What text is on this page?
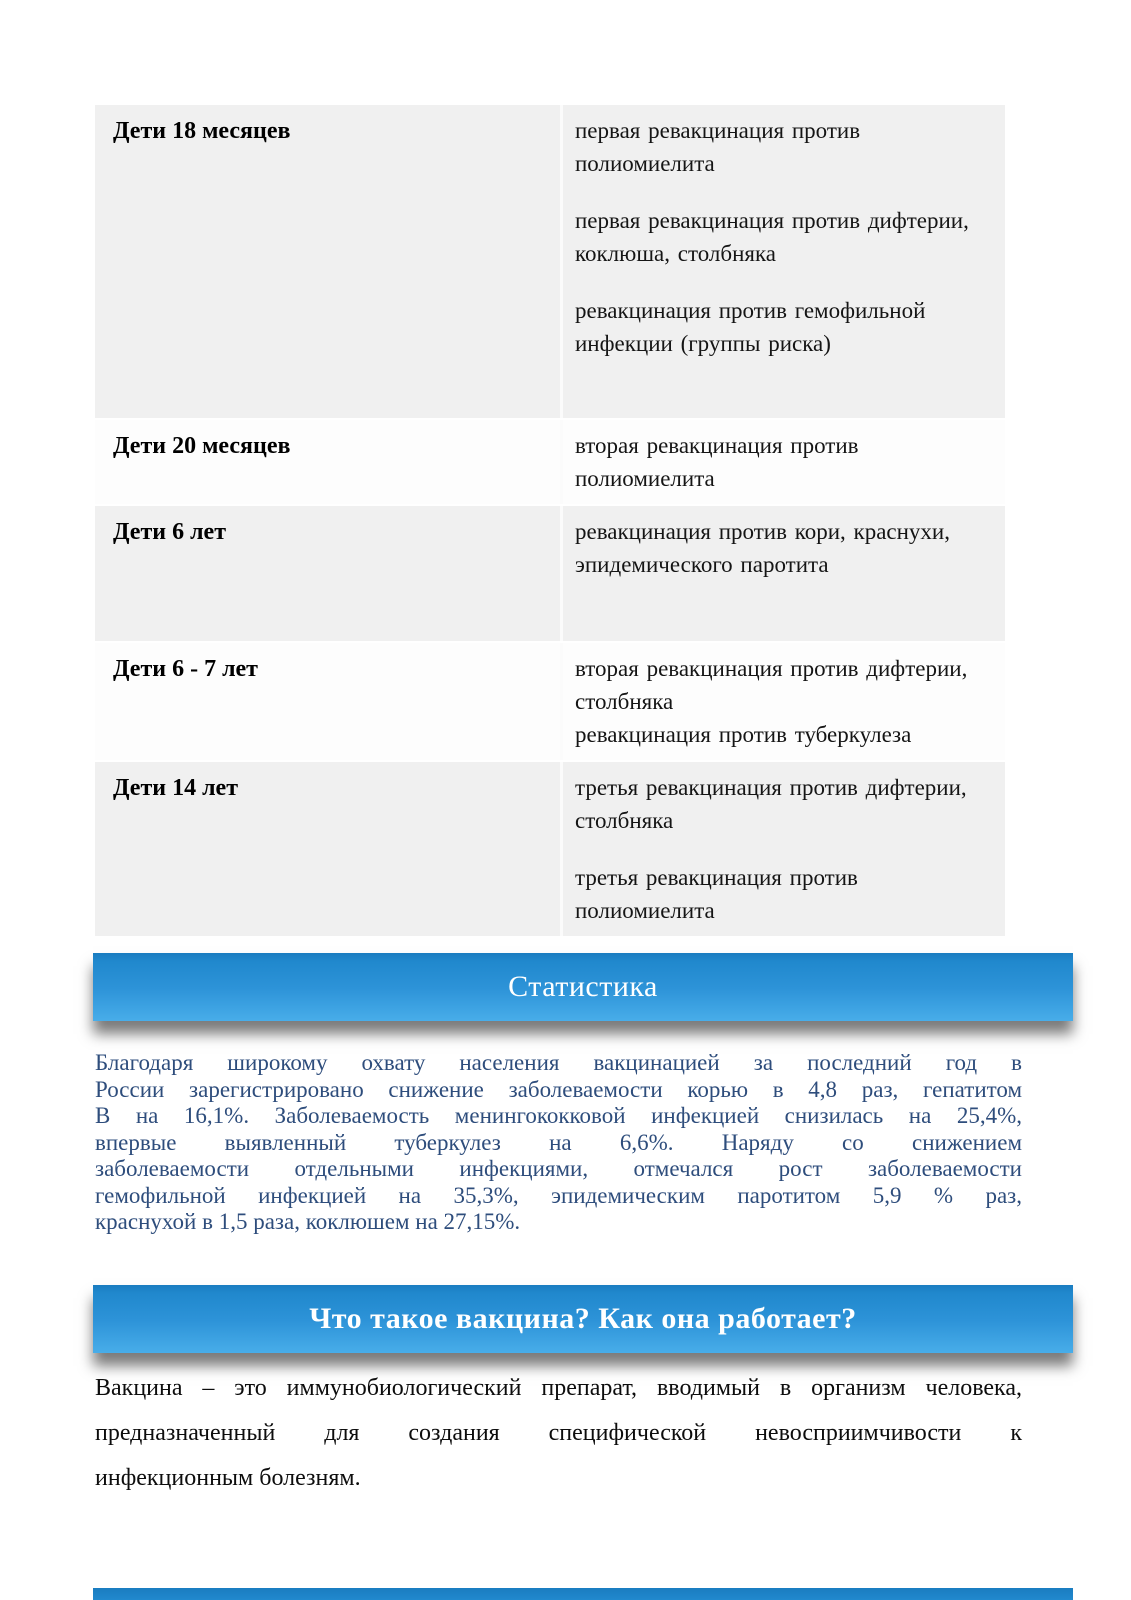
Дети 18 месяцев	первая ревакцинация против полиомиелита

первая ревакцинация против дифтерии, коклюша, столбняка

ревакцинация против гемофильной инфекции (группы риска)

Дети 20 месяцев	вторая ревакцинация против полиомиелита

Дети 6 лет	ревакцинация против кори, краснухи, эпидемического паротита

Дети 6 - 7 лет	вторая ревакцинация против дифтерии, столбняка

ревакцинация против туберкулеза

Дети 14 лет	третья ревакцинация против дифтерии, столбняка

третья ревакцинация против полиомиелита

Статистика
Благодаря широкому охвату населения вакцинацией за последний год в
России зарегистрировано снижение заболеваемости корью в 4,8 раз, гепатитом
В на 16,1%. Заболеваемость менингококковой инфекцией снизилась на 25,4%,
впервые выявленный туберкулез на 6,6%. Наряду со снижением
заболеваемости отдельными инфекциями, отмечался рост заболеваемости
гемофильной инфекцией на 35,3%, эпидемическим паротитом 5,9 % раз,
краснухой в 1,5 раза, коклюшем на 27,15%.
Что такое вакцина? Как она работает?
Вакцина – это иммунобиологический препарат, вводимый в организм человека,
предназначенный для создания специфической невосприимчивости к
инфекционным болезням.
